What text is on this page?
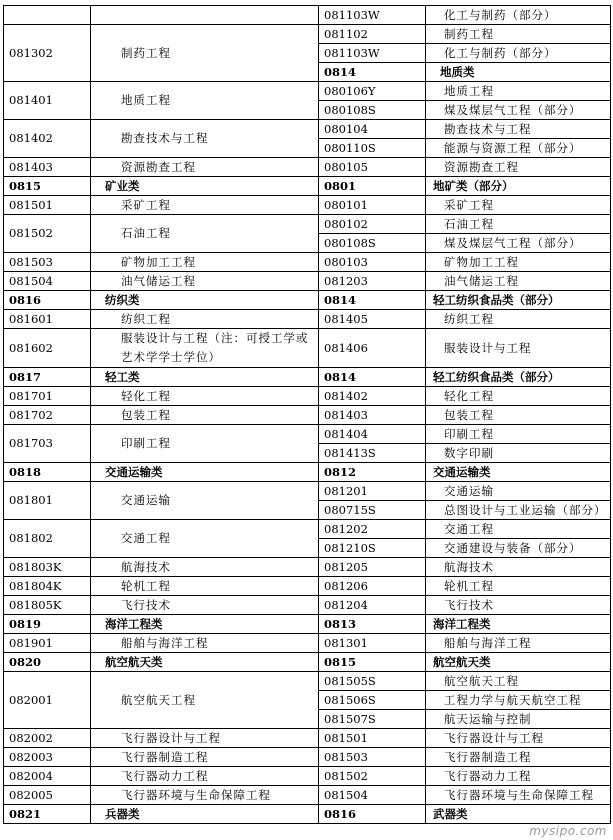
		081103W	化工与制药（部分）	
081302	制药工程	081102	制药工程	
		081103W	化工与制药（部分）	
		0814	地质类		
081401	地质工程	080106Y	地质工程	
		080108S	煤及煤层气工程（部分）	
081402	勘查技术与工程	080104	勘查技术与工程	
		080110S	能源与资源工程（部分）	
081403	资源勘查工程	080105	资源勘查工程	
0815	矿业类	0801	地矿类（部分）	
081501	采矿工程	080101	采矿工程	
081502	石油工程	080102	石油工程	
		080108S	煤及煤层气工程（部分）	
081503	矿物加工工程	080103	矿物加工工程	
081504	油气储运工程	081203	油气储运工程	
0816	纺织类	0814	轻工纺织食品类（部分）	
081601	纺织工程	081405	纺织工程	
081602	服装设计与工程（注：可授工学或艺术学学士学位）	081406	服装设计与工程	
0817	轻工类	0814	轻工纺织食品类（部分）	
081701	轻化工程	081402	轻化工程	
081702	包装工程	081403	包装工程	
081703	印刷工程	081404	印刷工程	
		081413S	数字印刷	
0818	交通运输类	0812	交通运输类	
081801	交通运输	081201	交通运输	
		080715S	总图设计与工业运输（部分）	
081802	交通工程	081202	交通工程	
		081210S	交通建设与装备（部分）	
081803K	航海技术	081205	航海技术	
081804K	轮机工程	081206	轮机工程	
081805K	飞行技术	081204	飞行技术	
0819	海洋工程类	0813	海洋工程类	
081901	船舶与海洋工程	081301	船舶与海洋工程	
0820	航空航天类	0815	航空航天类	
082001	航空航天工程	081505S	航空航天工程	
		081506S	工程力学与航天航空工程	
		081507S	航天运输与控制	
082002	飞行器设计与工程	081501	飞行器设计与工程	
082003	飞行器制造工程	081503	飞行器制造工程	
082004	飞行器动力工程	081502	飞行器动力工程	
082005	飞行器环境与生命保障工程	081504	飞行器环境与生命保障工程	
0821	兵器类	0816	武器类	
mysipo.com
